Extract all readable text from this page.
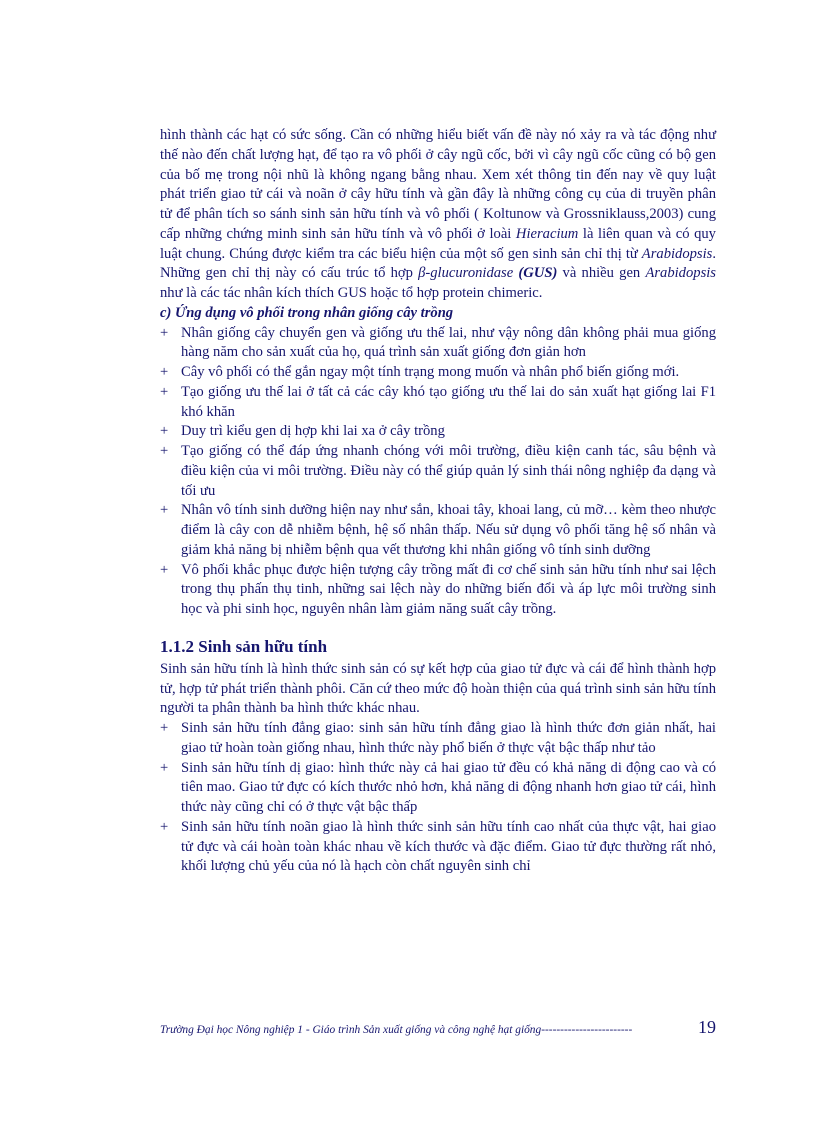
hình thành các hạt có sức sống. Cần có những hiểu biết vấn đề này nó xảy ra và tác động như thế nào đến chất lượng hạt, để tạo ra vô phối ở cây ngũ cốc, bởi vì cây ngũ cốc cũng có bộ gen của bố mẹ trong nội nhũ là không ngang bằng nhau. Xem xét thông tin đến nay về quy luật phát triển giao tử cái và noãn ở cây hữu tính và gần đây là những công cụ của di truyền phân tử để phân tích so sánh sinh sản hữu tính và vô phối ( Koltunow và Grossniklauss,2003) cung cấp những chứng minh sinh sản hữu tính và vô phối ở loài Hieracium là liên quan và có quy luật chung. Chúng được kiểm tra các biểu hiện của một số gen sinh sản chỉ thị từ Arabidopsis. Những gen chỉ thị này có cấu trúc tổ hợp β-glucuronidase (GUS) và nhiều gen Arabidopsis như là các tác nhân kích thích GUS hoặc tổ hợp protein chimeric.

c) Ứng dụng vô phối trong nhân giống cây trồng

+ Nhân giống cây chuyển gen và giống ưu thế lai, như vậy nông dân không phải mua giống hàng năm cho sản xuất của họ, quá trình sản xuất giống đơn giản hơn
+ Cây vô phối có thể gắn ngay một tính trạng mong muốn và nhân phổ biến giống mới.
+ Tạo giống ưu thế lai ở tất cả các cây khó tạo giống ưu thế lai do sản xuất hạt giống lai F1 khó khăn
+ Duy trì kiểu gen dị hợp khi lai xa ở cây trồng
+ Tạo giống có thể đáp ứng nhanh chóng với môi trường, điều kiện canh tác, sâu bệnh và điều kiện của vi môi trường. Điều này có thể giúp quản lý sinh thái nông nghiệp đa dạng và tối ưu
+ Nhân vô tính sinh dưỡng hiện nay như sắn, khoai tây, khoai lang, củ mỡ… kèm theo nhược điểm là cây con dễ nhiễm bệnh, hệ số nhân thấp. Nếu sử dụng vô phối tăng hệ số nhân và giảm khả năng bị nhiễm bệnh qua vết thương khi nhân giống vô tính sinh dưỡng
+ Vô phối khắc phục được hiện tượng cây trồng mất đi cơ chế sinh sản hữu tính như sai lệch trong thụ phấn thụ tinh, những sai lệch này do những biến đổi và áp lực môi trường sinh học và phi sinh học, nguyên nhân làm giảm năng suất cây trồng.
1.1.2 Sinh sản hữu tính

Sinh sản hữu tính là hình thức sinh sản có sự kết hợp của giao tử đực và cái để hình thành hợp tử, hợp tử phát triển thành phôi. Căn cứ theo mức độ hoàn thiện của quá trình sinh sản hữu tính người ta phân thành ba hình thức khác nhau.

+ Sinh sản hữu tính đẳng giao: sinh sản hữu tính đẳng giao là hình thức đơn giản nhất, hai giao tử hoàn toàn giống nhau, hình thức này phổ biến ở thực vật bậc thấp như tảo
+ Sinh sản hữu tính dị giao: hình thức này cả hai giao tử đều có khả năng di động cao và có tiên mao. Giao tử đực có kích thước nhỏ hơn, khả năng di động nhanh hơn giao tử cái, hình thức này cũng chỉ có ở thực vật bậc thấp
+ Sinh sản hữu tính noãn giao là hình thức sinh sản hữu tính cao nhất của thực vật, hai giao tử đực và cái hoàn toàn khác nhau về kích thước và đặc điểm. Giao tử đực thường rất nhỏ, khối lượng chủ yếu của nó là hạch còn chất nguyên sinh chỉ
Trường Đại học Nông nghiệp 1 - Giáo trình Sản xuất giống và công nghệ hạt giống------------------------	19
